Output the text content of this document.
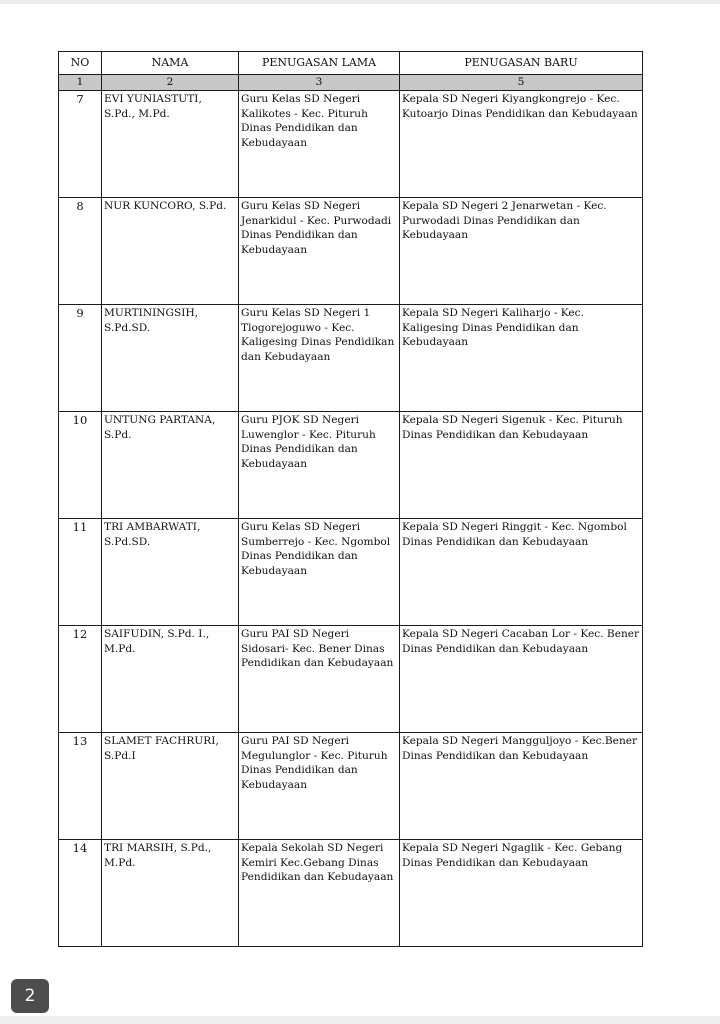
NO	NAMA	PENUGASAN LAMA	PENUGASAN BARU
1	2	3	5
7	EVI YUNIASTUTI, S.Pd., M.Pd.	Guru Kelas SD Negeri Kalikotes - Kec. Pituruh Dinas Pendidikan dan Kebudayaan	Kepala SD Negeri Kiyangkongrejo - Kec. Kutoarjo Dinas Pendidikan dan Kebudayaan
8	NUR KUNCORO, S.Pd.	Guru Kelas SD Negeri Jenarkidul - Kec. Purwodadi Dinas Pendidikan dan Kebudayaan	Kepala SD Negeri 2 Jenarwetan - Kec. Purwodadi Dinas Pendidikan dan Kebudayaan
9	MURTININGSIH, S.Pd.SD.	Guru Kelas SD Negeri 1 Tlogorejoguwo - Kec. Kaligesing Dinas Pendidikan dan Kebudayaan	Kepala SD Negeri Kaliharjo - Kec. Kaligesing Dinas Pendidikan dan Kebudayaan
10	UNTUNG PARTANA, S.Pd.	Guru PJOK SD Negeri Luwenglor - Kec. Pituruh Dinas Pendidikan dan Kebudayaan	Kepala SD Negeri Sigenuk - Kec. Pituruh Dinas Pendidikan dan Kebudayaan
11	TRI AMBARWATI, S.Pd.SD.	Guru Kelas SD Negeri Sumberrejo - Kec. Ngombol Dinas Pendidikan dan Kebudayaan	Kepala SD Negeri Ringgit - Kec. Ngombol Dinas Pendidikan dan Kebudayaan
12	SAIFUDIN, S.Pd. I., M.Pd.	Guru PAI SD Negeri Sidosari- Kec. Bener Dinas Pendidikan dan Kebudayaan	Kepala SD Negeri Cacaban Lor - Kec. Bener Dinas Pendidikan dan Kebudayaan
13	SLAMET FACHRURI, S.Pd.I	Guru PAI SD Negeri Megulunglor - Kec. Pituruh Dinas Pendidikan dan Kebudayaan	Kepala SD Negeri Mangguljoyo - Kec.Bener Dinas Pendidikan dan Kebudayaan
14	TRI MARSIH, S.Pd., M.Pd.	Kepala Sekolah SD Negeri Kemiri Kec.Gebang Dinas Pendidikan dan Kebudayaan	Kepala SD Negeri Ngaglik - Kec. Gebang Dinas Pendidikan dan Kebudayaan
2
